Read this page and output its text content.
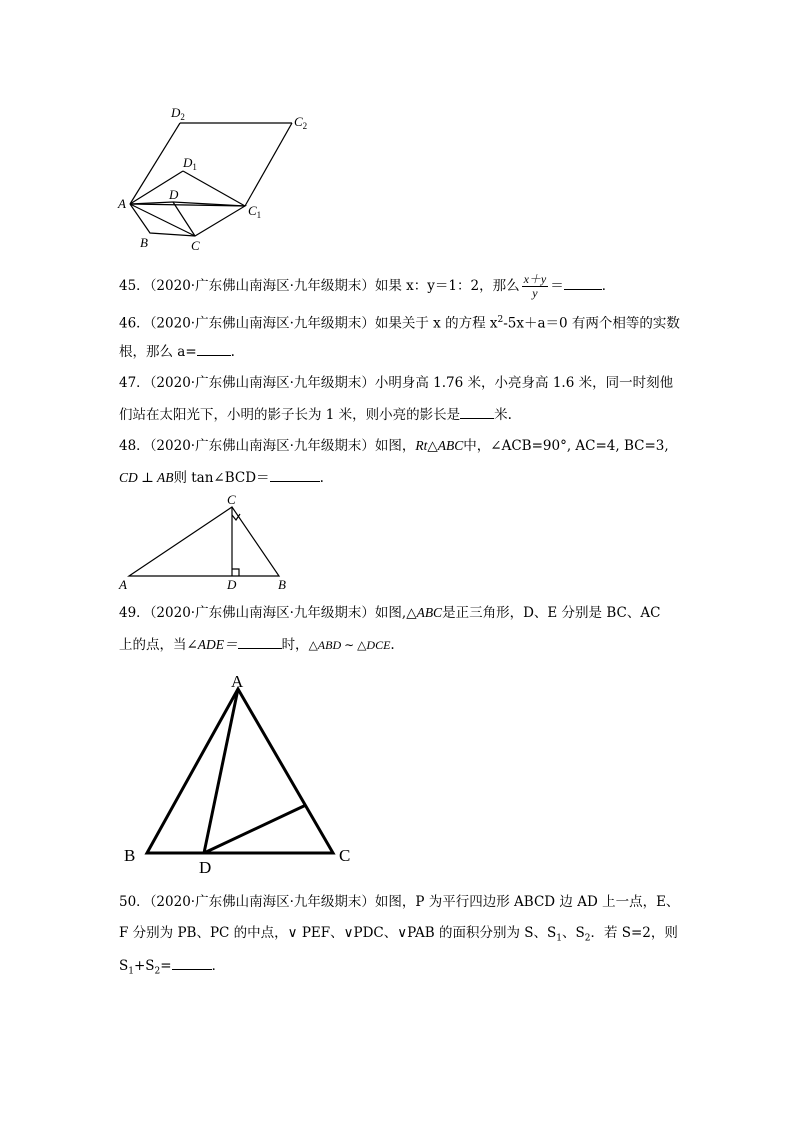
A
B	C
D
$C_1$
$D_1$
$C_2$
$D_2$
45．（2020·广东佛山南海区·九年级期末）如果 x：y＝1：2，那么 $\frac{x+y}{y}$ ＝	．
46．（2020·广东佛山南海区·九年级期末）如果关于 x 的方程 $x^2-5x+a=0$ 有两个相等的实数
根，那么 a=	.
47．（2020·广东佛山南海区·九年级期末）小明身高 1.76 米，小亮身高 1.6 米，同一时刻他
们站在太阳光下，小明的影子长为 1 米，则小亮的影长是	米.
48．（2020·广东佛山南海区·九年级期末）如图，Rt△ABC中，∠ACB=90°, AC=4, BC=3,
CD ⊥ AB则 tan∠BCD＝	.
A	B
C
D
49．（2020·广东佛山南海区·九年级期末）如图,△ABC是正三角形，D、E 分别是 BC、AC
上的点，当∠ADE＝	时，△ABD ∼ △DCE.
A
B	C
D
50．（2020·广东佛山南海区·九年级期末）如图，P 为平行四边形 ABCD 边 AD 上一点，E、
F 分别为 PB、PC 的中点，∨ PEF、∨PDC、∨PAB 的面积分别为 S、$S_1$、$S_2$．若 S=2，则
$S_1+S_2=$	．
